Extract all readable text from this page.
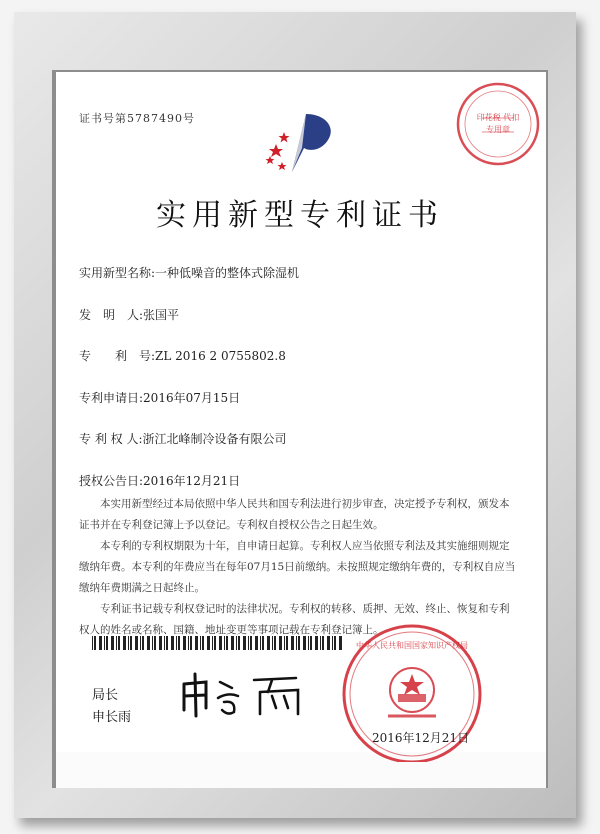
证书号第5787490号	印花税 代扣专用章
实用新型专利证书
实用新型名称:一种低噪音的整体式除湿机
发　明　人:张国平
专　　利　号:ZL 2016 2 0755802.8
专利申请日:2016年07月15日
专 利 权 人:浙江北峰制冷设备有限公司
授权公告日:2016年12月21日
本实用新型经过本局依照中华人民共和国专利法进行初步审查，决定授予专利权，颁发本证书并在专利登记簿上予以登记。专利权自授权公告之日起生效。
本专利的专利权期限为十年，自申请日起算。专利权人应当依照专利法及其实施细则规定缴纳年费。本专利的年费应当在每年07月15日前缴纳。未按照规定缴纳年费的，专利权自应当缴纳年费期满之日起终止。
专利证书记载专利权登记时的法律状况。专利权的转移、质押、无效、终止、恢复和专利权人的姓名或名称、国籍、地址变更等事项记载在专利登记簿上。
局长
申长雨
中华人民共和国国家知识产权局
2016年12月21日
